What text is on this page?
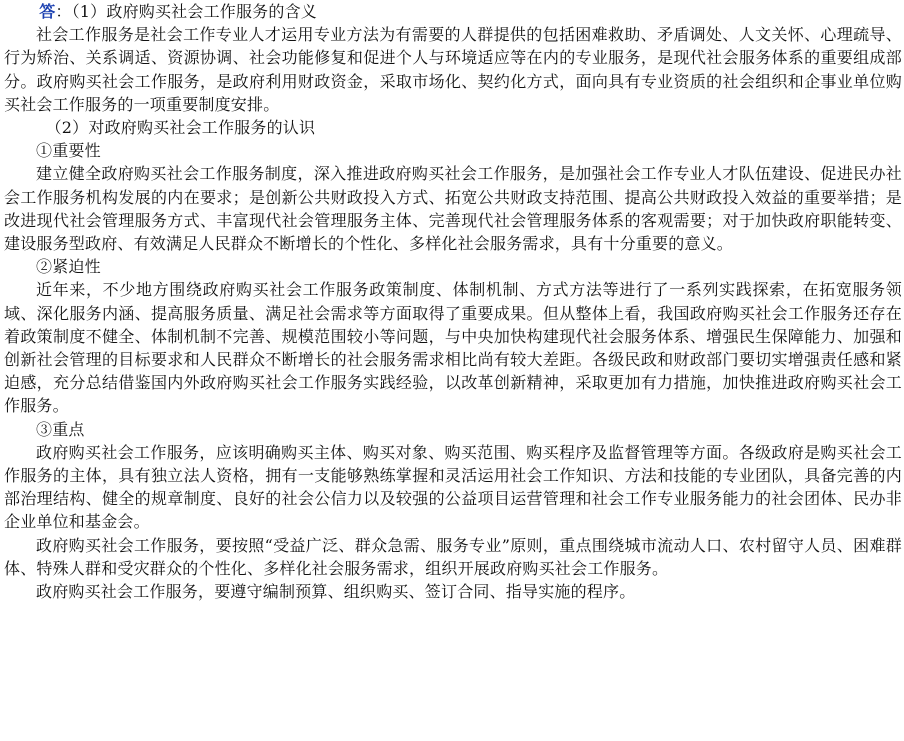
答：（1）政府购买社会工作服务的含义

社会工作服务是社会工作专业人才运用专业方法为有需要的人群提供的包括困难救助、矛盾调处、人文关怀、心理疏导、行为矫治、关系调适、资源协调、社会功能修复和促进个人与环境适应等在内的专业服务，是现代社会服务体系的重要组成部分。政府购买社会工作服务，是政府利用财政资金，采取市场化、契约化方式，面向具有专业资质的社会组织和企事业单位购买社会工作服务的一项重要制度安排。

（2）对政府购买社会工作服务的认识
①重要性

建立健全政府购买社会工作服务制度，深入推进政府购买社会工作服务，是加强社会工作专业人才队伍建设、促进民办社会工作服务机构发展的内在要求；是创新公共财政投入方式、拓宽公共财政支持范围、提高公共财政投入效益的重要举措；是改进现代社会管理服务方式、丰富现代社会管理服务主体、完善现代社会管理服务体系的客观需要；对于加快政府职能转变、建设服务型政府、有效满足人民群众不断增长的个性化、多样化社会服务需求，具有十分重要的意义。

②紧迫性

近年来，不少地方围绕政府购买社会工作服务政策制度、体制机制、方式方法等进行了一系列实践探索，在拓宽服务领域、深化服务内涵、提高服务质量、满足社会需求等方面取得了重要成果。但从整体上看，我国政府购买社会工作服务还存在着政策制度不健全、体制机制不完善、规模范围较小等问题，与中央加快构建现代社会服务体系、增强民生保障能力、加强和创新社会管理的目标要求和人民群众不断增长的社会服务需求相比尚有较大差距。各级民政和财政部门要切实增强责任感和紧迫感，充分总结借鉴国内外政府购买社会工作服务实践经验，以改革创新精神，采取更加有力措施，加快推进政府购买社会工作服务。

③重点

政府购买社会工作服务，应该明确购买主体、购买对象、购买范围、购买程序及监督管理等方面。各级政府是购买社会工作服务的主体，具有独立法人资格，拥有一支能够熟练掌握和灵活运用社会工作知识、方法和技能的专业团队，具备完善的内部治理结构、健全的规章制度、良好的社会公信力以及较强的公益项目运营管理和社会工作专业服务能力的社会团体、民办非企业单位和基金会。

政府购买社会工作服务，要按照“受益广泛、群众急需、服务专业”原则，重点围绕城市流动人口、农村留守人员、困难群体、特殊人群和受灾群众的个性化、多样化社会服务需求，组织开展政府购买社会工作服务。

政府购买社会工作服务，要遵守编制预算、组织购买、签订合同、指导实施的程序。
